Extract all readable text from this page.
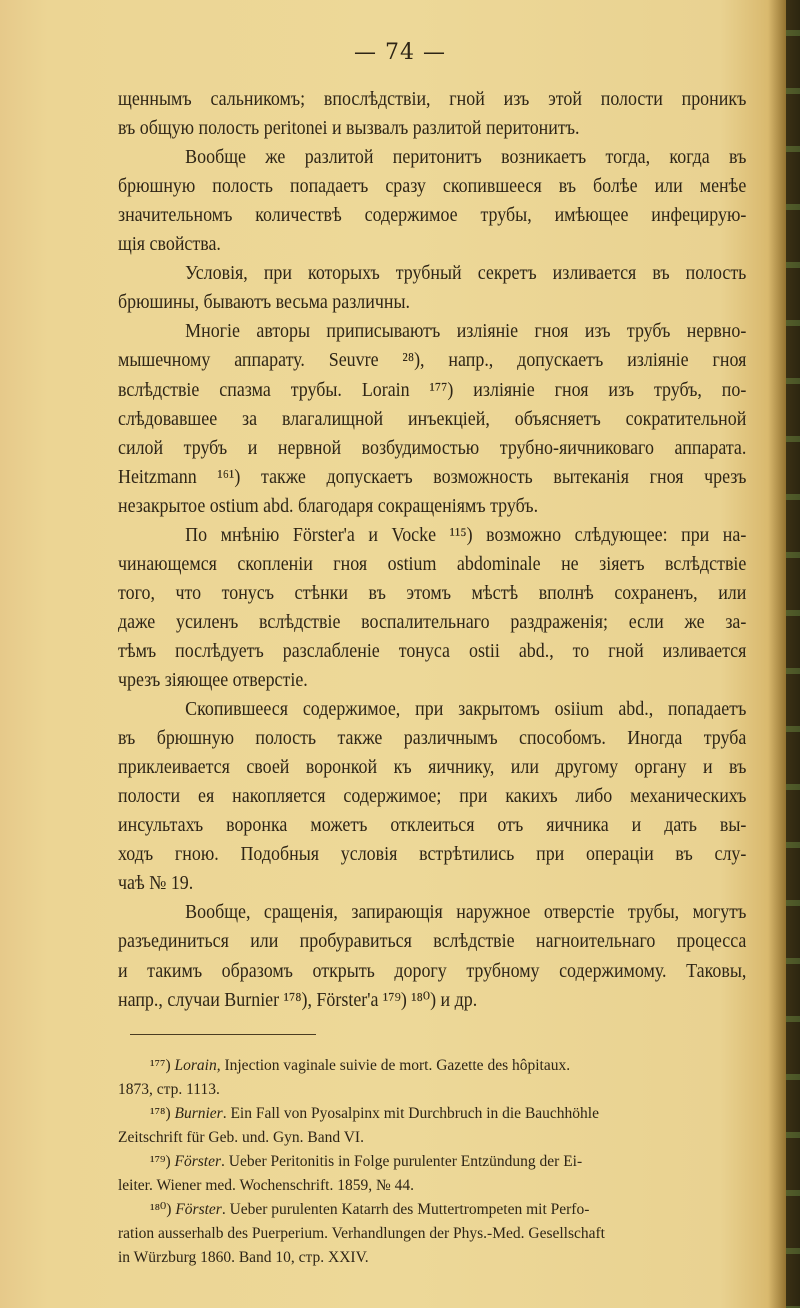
— 74 —
щеннымъ сальникомъ; впослѣдствіи, гной изъ этой полости проникъ
въ общую полость peritonei и вызвалъ разлитой перитонитъ.
Вообще же разлитой перитонитъ возникаетъ тогда, когда въ
брюшную полость попадаетъ сразу скопившееся въ болѣе или менѣе
значительномъ количествѣ содержимое трубы, имѣющее инфецирую-
щія свойства.
Условія, при которыхъ трубный секретъ изливается въ полость
брюшины, бываютъ весьма различны.
Многіе авторы приписываютъ изліяніе гноя изъ трубъ нервно-
мышечному аппарату. Seuvre ²⁸), напр., допускаетъ изліяніе гноя
вслѣдствіе спазма трубы. Lorain ¹⁷⁷) изліяніе гноя изъ трубъ, по-
слѣдовавшее за влагалищной инъекціей, объясняетъ сократительной
силой трубъ и нервной возбудимостью трубно-яичниковаго аппарата.
Heitzmann ¹⁶¹) также допускаетъ возможность вытеканія гноя чрезъ
незакрытое ostium abd. благодаря сокращеніямъ трубъ.
По мнѣнію Förster'a и Vocke ¹¹⁵) возможно слѣдующее: при на-
чинающемся скопленіи гноя ostium abdominale не зіяетъ вслѣдствіе
того, что тонусъ стѣнки въ этомъ мѣстѣ вполнѣ сохраненъ, или
даже усиленъ вслѣдствіе воспалительнаго раздраженія; если же за-
тѣмъ послѣдуетъ разслабленіе тонуса ostii abd., то гной изливается
чрезъ зіяющее отверстіе.
Скопившееся содержимое, при закрытомъ osiium abd., попадаетъ
въ брюшную полость также различнымъ способомъ. Иногда труба
приклеивается своей воронкой къ яичнику, или другому органу и въ
полости ея накопляется содержимое; при какихъ либо механическихъ
инсультахъ воронка можетъ отклеиться отъ яичника и дать вы-
ходъ гною. Подобныя условія встрѣтились при операціи въ слу-
чаѣ № 19.
Вообще, сращенія, запирающія наружное отверстіе трубы, могутъ
разъединиться или пробуравиться вслѣдствіе нагноительнаго процесса
и такимъ образомъ открыть дорогу трубному содержимому. Таковы,
напр., случаи Burnier ¹⁷⁸), Förster'a ¹⁷⁹) ¹⁸⁰) и др.
¹⁷⁷) Lorain, Injection vaginale suivie de mort. Gazette des hôpitaux.
1873, стр. 1113.
¹⁷⁸) Burnier. Ein Fall von Pyosalpinx mit Durchbruch in die Bauchhöhle
Zeitschrift für Geb. und. Gyn. Band VI.
¹⁷⁹) Förster. Ueber Peritonitis in Folge purulenter Entzündung der Ei-
leiter. Wiener med. Wochenschrift. 1859, № 44.
¹⁸⁰) Förster. Ueber purulenten Katarrh des Muttertrompeten mit Perfo-
ration ausserhalb des Puerperium. Verhandlungen der Phys.-Med. Gesellschaft
in Würzburg 1860. Band 10, стр. XXIV.
